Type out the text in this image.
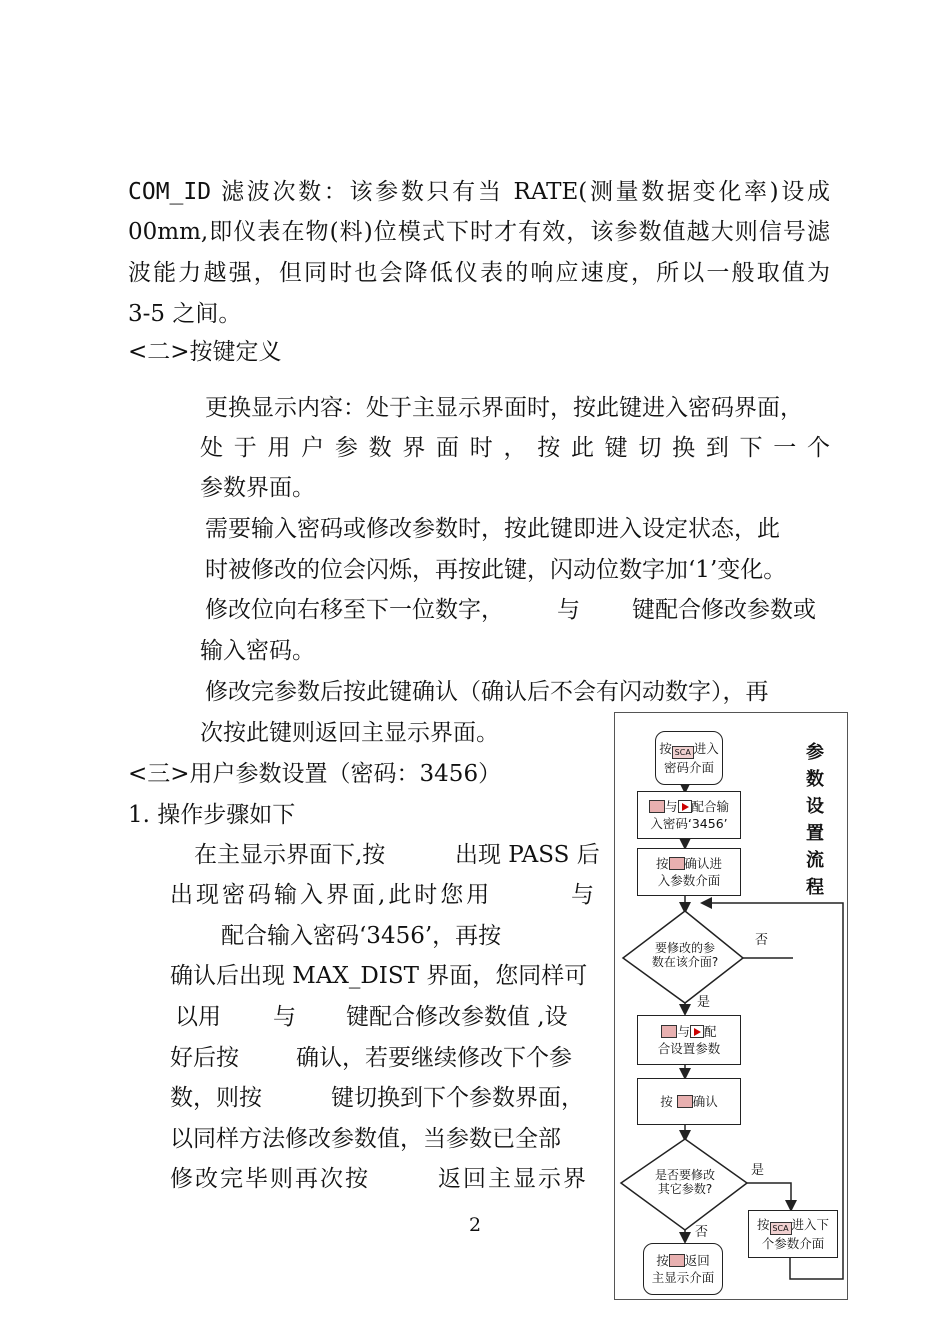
COM_ID 滤波次数：该参数只有当 RATE(测量数据变化率)设成
00mm,即仪表在物(料)位模式下时才有效，该参数值越大则信号滤
波能力越强，但同时也会降低仪表的响应速度，所以一般取值为
3-5 之间。
<二>按键定义
更换显示内容：处于主显示界面时，按此键进入密码界面，
处于用户参数界面时，按此键切换到下一个
参数界面。
需要输入密码或修改参数时，按此键即进入设定状态，此
时被修改的位会闪烁，再按此键，闪动位数字加‘1’变化。
修改位向右移至下一位数字， 与 键配合修改参数或
输入密码。
修改完参数后按此键确认（确认后不会有闪动数字），再
次按此键则返回主显示界面。
<三>用户参数设置（密码：3456）
1. 操作步骤如下
在主显示界面下,按	出现 PASS 后
出现密码输入界面,此时您用	与
配合输入密码‘3456’，再按
确认后出现 MAX_DIST 界面，您同样可
以用 与 键配合修改参数值 ,设
好后按 确认，若要继续修改下个参
数，则按	键切换到下个参数界面，
以同样方法修改参数值，当参数已全部
修改完毕则再次按	返回主显示界
2
参
数
设
置
流
程
按 SCA 进入
密码介面
与 配合输
入密码‘3456’
按 确认进
入参数介面
要修改的参
数在该介面?
否
是
与 配
合设置参数
按 确认
是否要修改
其它参数?
是
否
按 SCA 进入下
个参数介面
按 返回
主显示介面
